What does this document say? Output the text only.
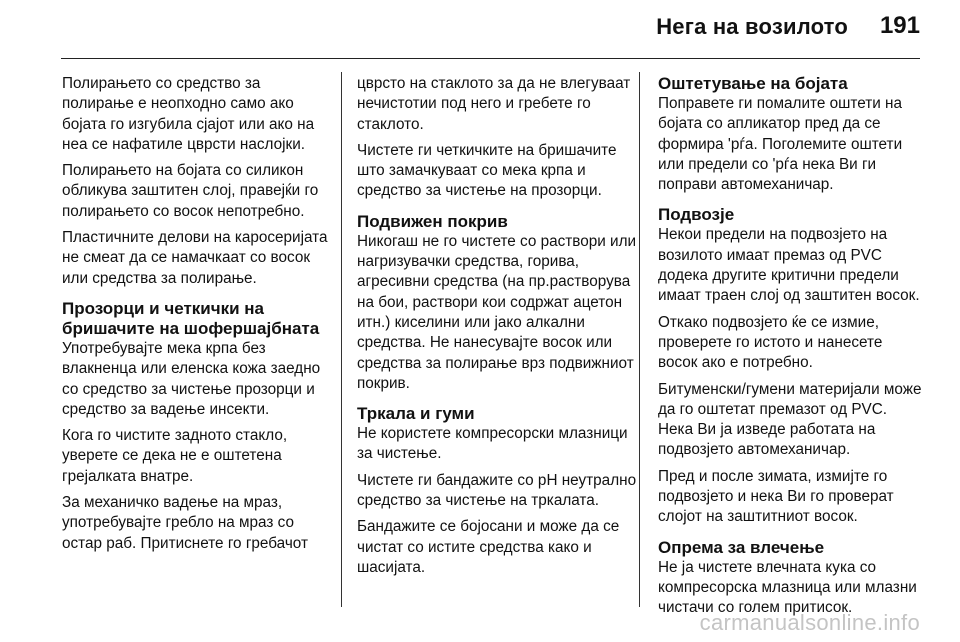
Нега на возилото 191

Полирањето со средство за полирање е неопходно само ако бојата го изгубила сјајот или ако на неа се нафатиле цврсти наслојки.

Полирањето на бојата со силикон обликува заштитен слој, правејќи го полирањето со восок непотребно.

Пластичните делови на каросеријата не смеат да се намачкаат со восок или средства за полирање.

Прозорци и четкички на бришачите на шофершајбната

Употребувајте мека крпа без влакненца или еленска кожа заедно со средство за чистење прозорци и средство за вадење инсекти.

Кога го чистите задното стакло, уверете се дека не е оштетена грејалката внатре.

За механичко вадење на мраз, употребувајте гребло на мраз со остар раб. Притиснете го гребачот

цврсто на стаклото за да не влегуваат нечистотии под него и гребете го стаклото.

Чистете ги четкичките на бришачите што замачкуваат со мека крпа и средство за чистење на прозорци.

Подвижен покрив

Никогаш не го чистете со раствори или нагризувачки средства, горива, агресивни средства (на пр.растворува на бои, раствори кои содржат ацетон итн.) киселини или јако алкални средства. Не нанесувајте восок или средства за полирање врз подвижниот покрив.

Тркала и гуми

Не користете компресорски млазници за чистење.

Чистете ги бандажите со pH неутрално средство за чистење на тркалата.

Бандажите се бојосани и може да се чистат со истите средства како и шасијата.

Оштетување на бојата

Поправете ги помалите оштети на бојата со апликатор пред да се формира 'рѓа. Поголемите оштети или предели со 'рѓа нека Ви ги поправи автомеханичар.

Подвозје

Некои предели на подвозјето на возилото имаат премаз од PVC додека другите критични предели имаат траен слој од заштитен восок.

Откако подвозјето ќе се измие, проверете го истото и нанесете восок ако е потребно.

Битуменски/гумени материјали може да го оштетат премазот од PVC. Нека Ви ја изведе работата на подвозјето автомеханичар.

Пред и после зимата, измијте го подвозјето и нека Ви го проверат слојот на заштитниот восок.

Опрема за влечење

Не ја чистете влечната кука со компресорска млазница или млазни чистачи со голем притисок.

carmanualsonline.info
